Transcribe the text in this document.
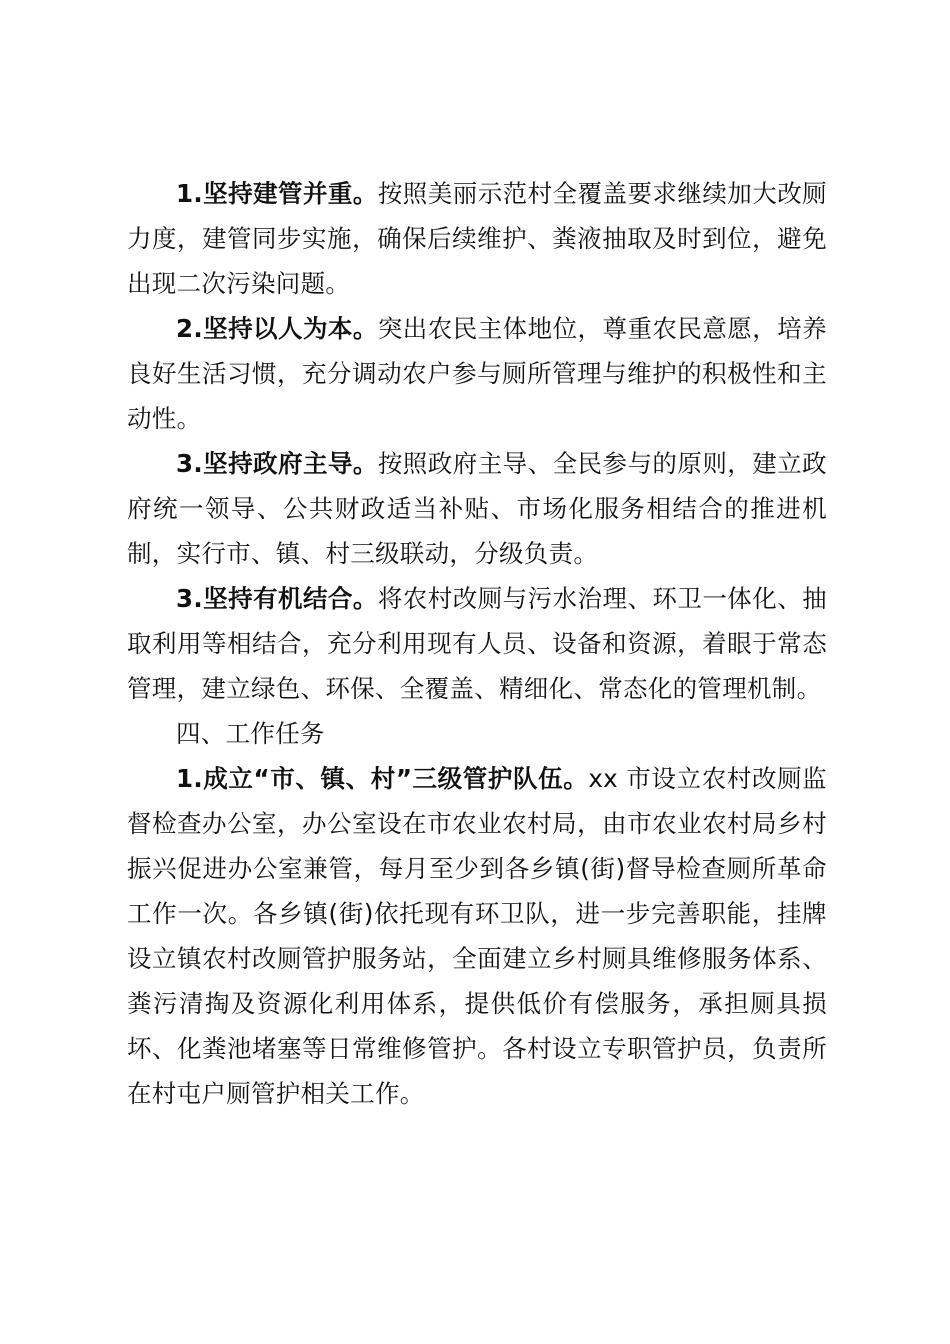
1.坚持建管并重。按照美丽示范村全覆盖要求继续加大改厕力度，建管同步实施，确保后续维护、粪液抽取及时到位，避免出现二次污染问题。

2.坚持以人为本。突出农民主体地位，尊重农民意愿，培养良好生活习惯，充分调动农户参与厕所管理与维护的积极性和主动性。

3.坚持政府主导。按照政府主导、全民参与的原则，建立政府统一领导、公共财政适当补贴、市场化服务相结合的推进机制，实行市、镇、村三级联动，分级负责。

3.坚持有机结合。将农村改厕与污水治理、环卫一体化、抽取利用等相结合，充分利用现有人员、设备和资源，着眼于常态管理，建立绿色、环保、全覆盖、精细化、常态化的管理机制。

四、工作任务

1.成立“市、镇、村”三级管护队伍。xx 市设立农村改厕监督检查办公室，办公室设在市农业农村局，由市农业农村局乡村振兴促进办公室兼管，每月至少到各乡镇(街)督导检查厕所革命工作一次。各乡镇(街)依托现有环卫队，进一步完善职能，挂牌设立镇农村改厕管护服务站，全面建立乡村厕具维修服务体系、粪污清掏及资源化利用体系，提供低价有偿服务，承担厕具损坏、化粪池堵塞等日常维修管护。各村设立专职管护员，负责所在村屯户厕管护相关工作。
